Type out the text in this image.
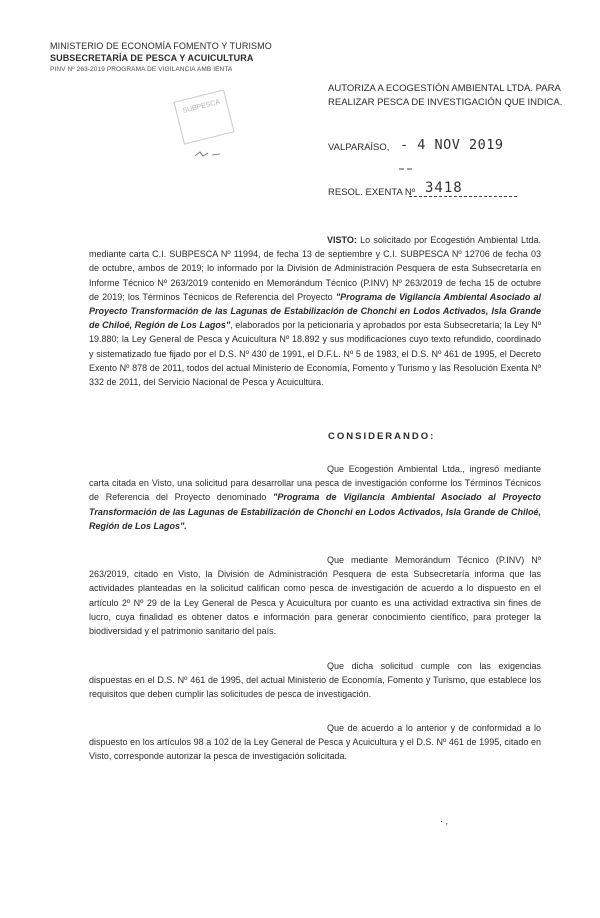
MINISTERIO DE ECONOMÍA FOMENTO Y TURISMO
SUBSECRETARÍA DE PESCA Y ACUICULTURA
PINV Nº 263-2019 PROGRAMA DE VIGILANCIA AMB IENTA
SUBPESCA
AUTORIZA A ECOGESTIÓN AMBIENTAL LTDA. PARA
REALIZAR PESCA DE INVESTIGACIÓN QUE INDICA.
VALPARAÍSO, - 4 NOV 2019
RESOL. EXENTA Nº 3418
VISTO: Lo solicitado por Ecogestión Ambiental Ltda. mediante carta C.I. SUBPESCA Nº 11994, de fecha 13 de septiembre y C.I. SUBPESCA Nº 12706 de fecha 03 de octubre, ambos de 2019; lo informado por la División de Administración Pesquera de esta Subsecretaría en Informe Técnico Nº 263/2019 contenido en Memorándum Técnico (P.INV) Nº 263/2019 de fecha 15 de octubre de 2019; los Términos Técnicos de Referencia del Proyecto "Programa de Vigilancia Ambiental Asociado al Proyecto Transformación de las Lagunas de Estabilización de Chonchi en Lodos Activados, Isla Grande de Chiloé, Región de Los Lagos", elaborados por la peticionaria y aprobados por esta Subsecretaría; la Ley Nº 19.880; la Ley General de Pesca y Acuicultura Nº 18.892 y sus modificaciones cuyo texto refundido, coordinado y sistematizado fue fijado por el D.S. Nº 430 de 1991, el D.F.L. Nº 5 de 1983, el D.S. Nº 461 de 1995, el Decreto Exento Nº 878 de 2011, todos del actual Ministerio de Economía, Fomento y Turismo y las Resolución Exenta Nº 332 de 2011, del Servicio Nacional de Pesca y Acuicultura.
CONSIDERANDO:
Que Ecogestión Ambiental Ltda., ingresó mediante carta citada en Visto, una solicitud para desarrollar una pesca de investigación conforme los Términos Técnicos de Referencia del Proyecto denominado "Programa de Vigilancia Ambiental Asociado al Proyecto Transformación de las Lagunas de Estabilización de Chonchi en Lodos Activados, Isla Grande de Chiloé, Región de Los Lagos".
Que mediante Memorándum Técnico (P.INV) Nº 263/2019, citado en Visto, la División de Administración Pesquera de esta Subsecretaría informa que las actividades planteadas en la solicitud califican como pesca de investigación de acuerdo a lo dispuesto en el artículo 2º Nº 29 de la Ley General de Pesca y Acuicultura por cuanto es una actividad extractiva sin fines de lucro, cuya finalidad es obtener datos e información para generar conocimiento científico, para proteger la biodiversidad y el patrimonio sanitario del país.
Que dicha solicitud cumple con las exigencias dispuestas en el D.S. Nº 461 de 1995, del actual Ministerio de Economía, Fomento y Turismo, que establece los requisitos que deben cumplir las solicitudes de pesca de investigación.
Que de acuerdo a lo anterior y de conformidad a lo dispuesto en los artículos 98 a 102 de la Ley General de Pesca y Acuicultura y el D.S. Nº 461 de 1995, citado en Visto, corresponde autorizar la pesca de investigación solicitada.
· ,
